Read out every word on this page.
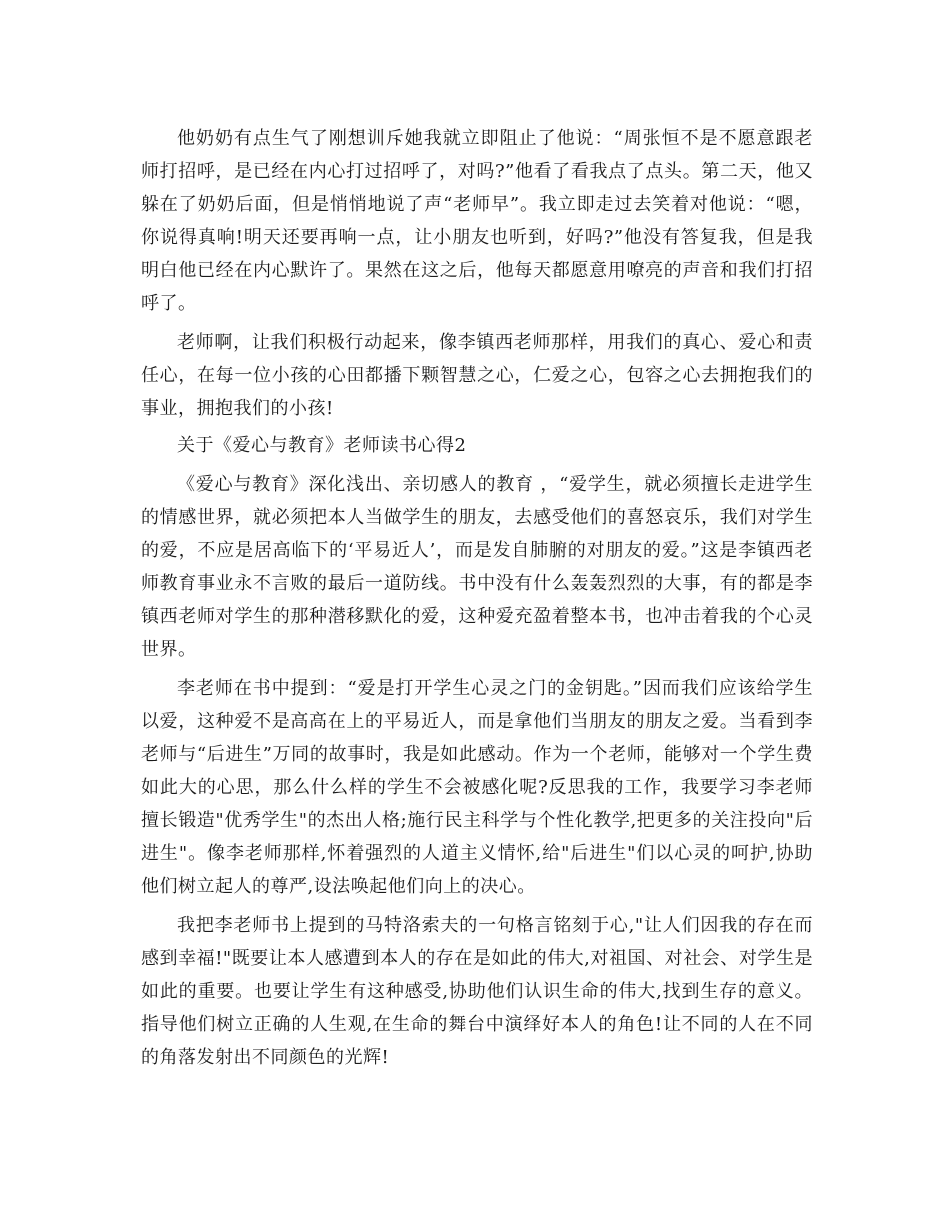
他奶奶有点生气了刚想训斥她我就立即阻止了他说：“周张恒不是不愿意跟老师打招呼，是已经在内心打过招呼了，对吗?”他看了看我点了点头。第二天，他又躲在了奶奶后面，但是悄悄地说了声“老师早”。我立即走过去笑着对他说：“嗯，你说得真响!明天还要再响一点，让小朋友也听到，好吗?”他没有答复我，但是我明白他已经在内心默许了。果然在这之后，他每天都愿意用嘹亮的声音和我们打招呼了。

老师啊，让我们积极行动起来，像李镇西老师那样，用我们的真心、爱心和责任心，在每一位小孩的心田都播下颗智慧之心，仁爱之心，包容之心去拥抱我们的事业，拥抱我们的小孩!

关于《爱心与教育》老师读书心得2

《爱心与教育》深化浅出、亲切感人的教育 ，“爱学生，就必须擅长走进学生的情感世界，就必须把本人当做学生的朋友，去感受他们的喜怒哀乐，我们对学生的爱，不应是居高临下的‘平易近人’，而是发自肺腑的对朋友的爱。”这是李镇西老师教育事业永不言败的最后一道防线。书中没有什么轰轰烈烈的大事，有的都是李镇西老师对学生的那种潜移默化的爱，这种爱充盈着整本书，也冲击着我的个心灵世界。

李老师在书中提到：“爱是打开学生心灵之门的金钥匙。”因而我们应该给学生以爱，这种爱不是高高在上的平易近人，而是拿他们当朋友的朋友之爱。当看到李老师与“后进生”万同的故事时，我是如此感动。作为一个老师，能够对一个学生费如此大的心思，那么什么样的学生不会被感化呢?反思我的工作，我要学习李老师擅长锻造"优秀学生"的杰出人格;施行民主科学与个性化教学,把更多的关注投向"后进生"。像李老师那样,怀着强烈的人道主义情怀,给"后进生"们以心灵的呵护,协助他们树立起人的尊严,设法唤起他们向上的决心。

我把李老师书上提到的马特洛索夫的一句格言铭刻于心,"让人们因我的存在而感到幸福!"既要让本人感遭到本人的存在是如此的伟大,对祖国、对社会、对学生是如此的重要。也要让学生有这种感受,协助他们认识生命的伟大,找到生存的意义。指导他们树立正确的人生观,在生命的舞台中演绎好本人的角色!让不同的人在不同的角落发射出不同颜色的光辉!
